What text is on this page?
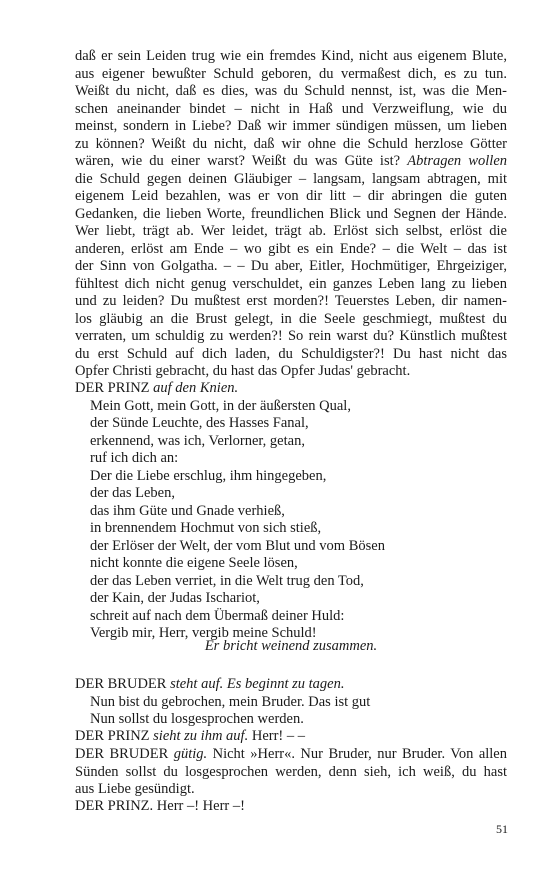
daß er sein Leiden trug wie ein fremdes Kind, nicht aus eigenem Blute,
aus eigener bewußter Schuld geboren, du vermaßest dich, es zu tun.
Weißt du nicht, daß es dies, was du Schuld nennst, ist, was die Men-
schen aneinander bindet – nicht in Haß und Verzweiflung, wie du
meinst, sondern in Liebe? Daß wir immer sündigen müssen, um lieben
zu können? Weißt du nicht, daß wir ohne die Schuld herzlose Götter
wären, wie du einer warst? Weißt du was Güte ist? Abtragen wollen
die Schuld gegen deinen Gläubiger – langsam, langsam abtragen, mit
eigenem Leid bezahlen, was er von dir litt – dir abringen die guten
Gedanken, die lieben Worte, freundlichen Blick und Segnen der Hände.
Wer liebt, trägt ab. Wer leidet, trägt ab. Erlöst sich selbst, erlöst die
anderen, erlöst am Ende – wo gibt es ein Ende? – die Welt – das ist
der Sinn von Golgatha. – – Du aber, Eitler, Hochmütiger, Ehrgeiziger,
fühltest dich nicht genug verschuldet, ein ganzes Leben lang zu lieben
und zu leiden? Du mußtest erst morden?! Teuerstes Leben, dir namen-
los gläubig an die Brust gelegt, in die Seele geschmiegt, mußtest du
verraten, um schuldig zu werden?! So rein warst du? Künstlich mußtest
du erst Schuld auf dich laden, du Schuldigster?! Du hast nicht das
Opfer Christi gebracht, du hast das Opfer Judas' gebracht.
DER PRINZ auf den Knien.
Mein Gott, mein Gott, in der äußersten Qual,
der Sünde Leuchte, des Hasses Fanal,
erkennend, was ich, Verlorner, getan,
ruf ich dich an:
Der die Liebe erschlug, ihm hingegeben,
der das Leben,
das ihm Güte und Gnade verhieß,
in brennendem Hochmut von sich stieß,
der Erlöser der Welt, der vom Blut und vom Bösen
nicht konnte die eigene Seele lösen,
der das Leben verriet, in die Welt trug den Tod,
der Kain, der Judas Ischariot,
schreit auf nach dem Übermaß deiner Huld:
Vergib mir, Herr, vergib meine Schuld!
Er bricht weinend zusammen.
DER BRUDER steht auf. Es beginnt zu tagen.
Nun bist du gebrochen, mein Bruder. Das ist gut
Nun sollst du losgesprochen werden.
DER PRINZ sieht zu ihm auf. Herr! – –
DER BRUDER gütig. Nicht »Herr«. Nur Bruder, nur Bruder. Von allen
Sünden sollst du losgesprochen werden, denn sieh, ich weiß, du hast
aus Liebe gesündigt.
DER PRINZ. Herr –! Herr –!
51
